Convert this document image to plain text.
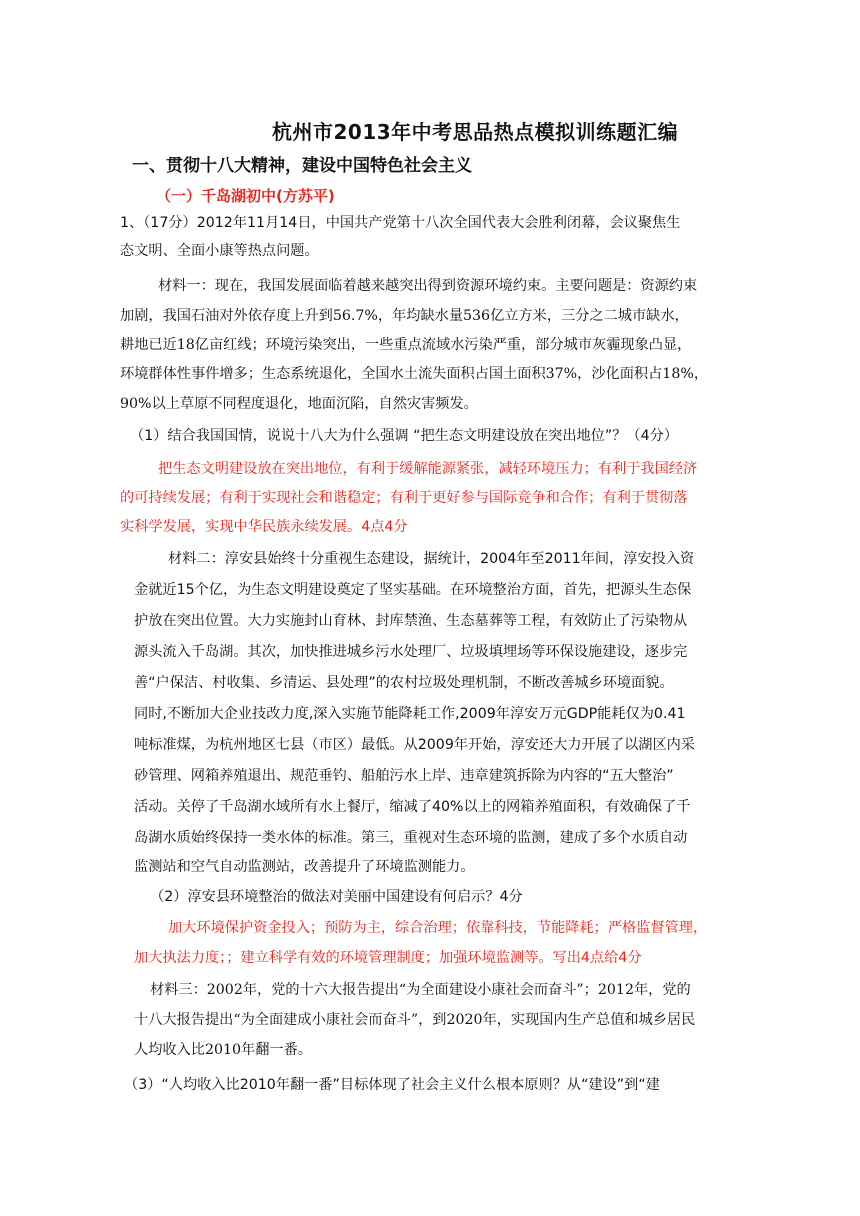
杭州市2013年中考思品热点模拟训练题汇编
一、贯彻十八大精神，建设中国特色社会主义
（一）千岛湖初中(方苏平)
1、（17分）2012年11月14日，中国共产党第十八次全国代表大会胜利闭幕，会议聚焦生
态文明、全面小康等热点问题。
材料一：现在，我国发展面临着越来越突出得到资源环境约束。主要问题是：资源约束
加剧，我国石油对外依存度上升到56.7%，年均缺水量536亿立方米，三分之二城市缺水，
耕地已近18亿亩红线；环境污染突出，一些重点流域水污染严重，部分城市灰霾现象凸显，
环境群体性事件增多；生态系统退化，全国水土流失面积占国土面积37%，沙化面积占18%，
90%以上草原不同程度退化，地面沉陷，自然灾害频发。
（1）结合我国国情，说说十八大为什么强调 “把生态文明建设放在突出地位”？（4分）
把生态文明建设放在突出地位，有利于缓解能源紧张，减轻环境压力；有利于我国经济
的可持续发展；有利于实现社会和谐稳定；有利于更好参与国际竞争和合作；有利于贯彻落
实科学发展，实现中华民族永续发展。4点4分
材料二：淳安县始终十分重视生态建设，据统计，2004年至2011年间，淳安投入资
金就近15个亿，为生态文明建设奠定了坚实基础。在环境整治方面，首先，把源头生态保
护放在突出位置。大力实施封山育林、封库禁渔、生态墓葬等工程，有效防止了污染物从
源头流入千岛湖。其次，加快推进城乡污水处理厂、垃圾填埋场等环保设施建设，逐步完
善“户保洁、村收集、乡清运、县处理”的农村垃圾处理机制，不断改善城乡环境面貌。
同时,不断加大企业技改力度,深入实施节能降耗工作,2009年淳安万元GDP能耗仅为0.41
吨标准煤，为杭州地区七县（市区）最低。从2009年开始，淳安还大力开展了以湖区内采
砂管理、网箱养殖退出、规范垂钓、船舶污水上岸、违章建筑拆除为内容的“五大整治”
活动。关停了千岛湖水域所有水上餐厅，缩减了40%以上的网箱养殖面积，有效确保了千
岛湖水质始终保持一类水体的标准。第三，重视对生态环境的监测，建成了多个水质自动
监测站和空气自动监测站，改善提升了环境监测能力。
（2）淳安县环境整治的做法对美丽中国建设有何启示？4分
加大环境保护资金投入；预防为主，综合治理；依靠科技，节能降耗；严格监督管理，
加大执法力度；；建立科学有效的环境管理制度；加强环境监测等。写出4点给4分
材料三：2002年，党的十六大报告提出“为全面建设小康社会而奋斗”；2012年，党的
十八大报告提出“为全面建成小康社会而奋斗”，到2020年，实现国内生产总值和城乡居民
人均收入比2010年翻一番。
（3）“人均收入比2010年翻一番”目标体现了社会主义什么根本原则？从“建设”到“建
